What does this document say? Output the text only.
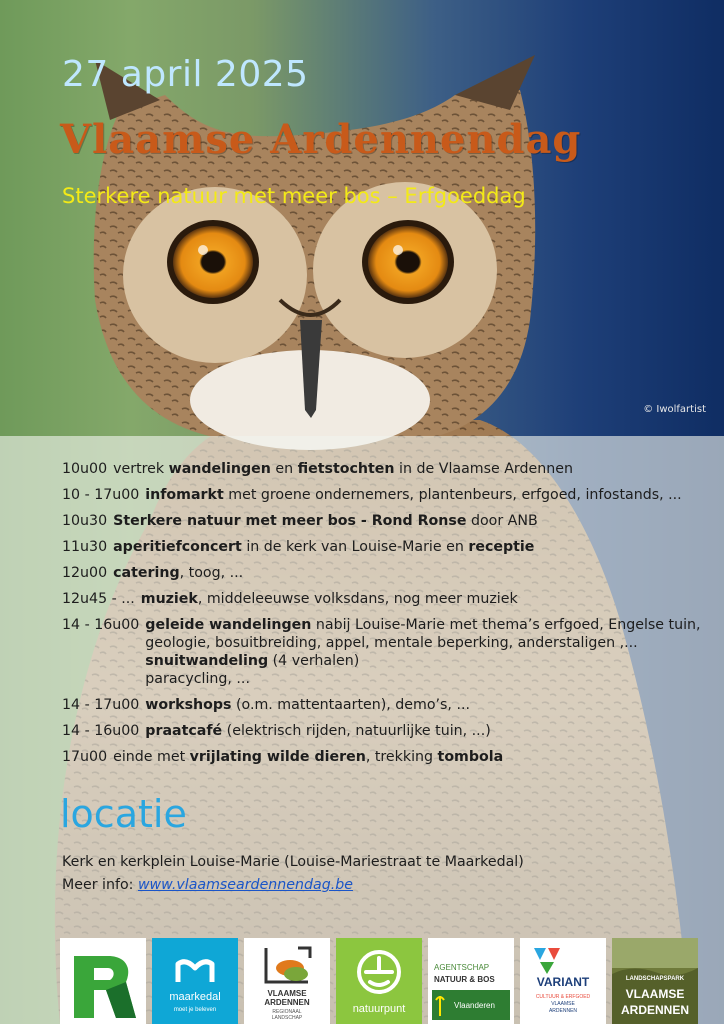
© Iwolfartist
27 april 2025
Vlaamse Ardennendag
Sterkere natuur met meer bos – Erfgoeddag
10u00 vertrek wandelingen en fietstochten in de Vlaamse Ardennen
10 - 17u00 infomarkt met groene ondernemers, plantenbeurs, erfgoed, infostands, ...
10u30 Sterkere natuur met meer bos - Rond Ronse door ANB
11u30 aperitiefconcert in de kerk van Louise-Marie en receptie
12u00 catering, toog, ...
12u45 - ... muziek, middeleeuwse volksdans, nog meer muziek
14 - 16u00 geleide wandelingen nabij Louise-Marie met thema’s erfgoed, Engelse tuin,
geologie, bosuitbreiding, appel, mentale beperking, anderstaligen ,...
snuitwandeling (4 verhalen)
paracycling, ...
14 - 17u00 workshops (o.m. mattentaarten), demo’s, ...
14 - 16u00 praatcafé (elektrisch rijden, natuurlijke tuin, ...)
17u00 einde met vrijlating wilde dieren, trekking tombola
locatie
Kerk en kerkplein Louise-Marie (Louise-Mariestraat te Maarkedal)
Meer info: www.vlaamseardennendag.be
maarkedal
moet je beleven
VLAAMSE
ARDENNEN
REGIONAAL
LANDSCHAP
natuurpunt
AGENTSCHAP
NATUUR & BOS
Vlaanderen
VARIANT
CULTUUR & ERFGOED
VLAAMSE
ARDENNEN
LANDSCHAPSPARK
VLAAMSE
ARDENNEN
